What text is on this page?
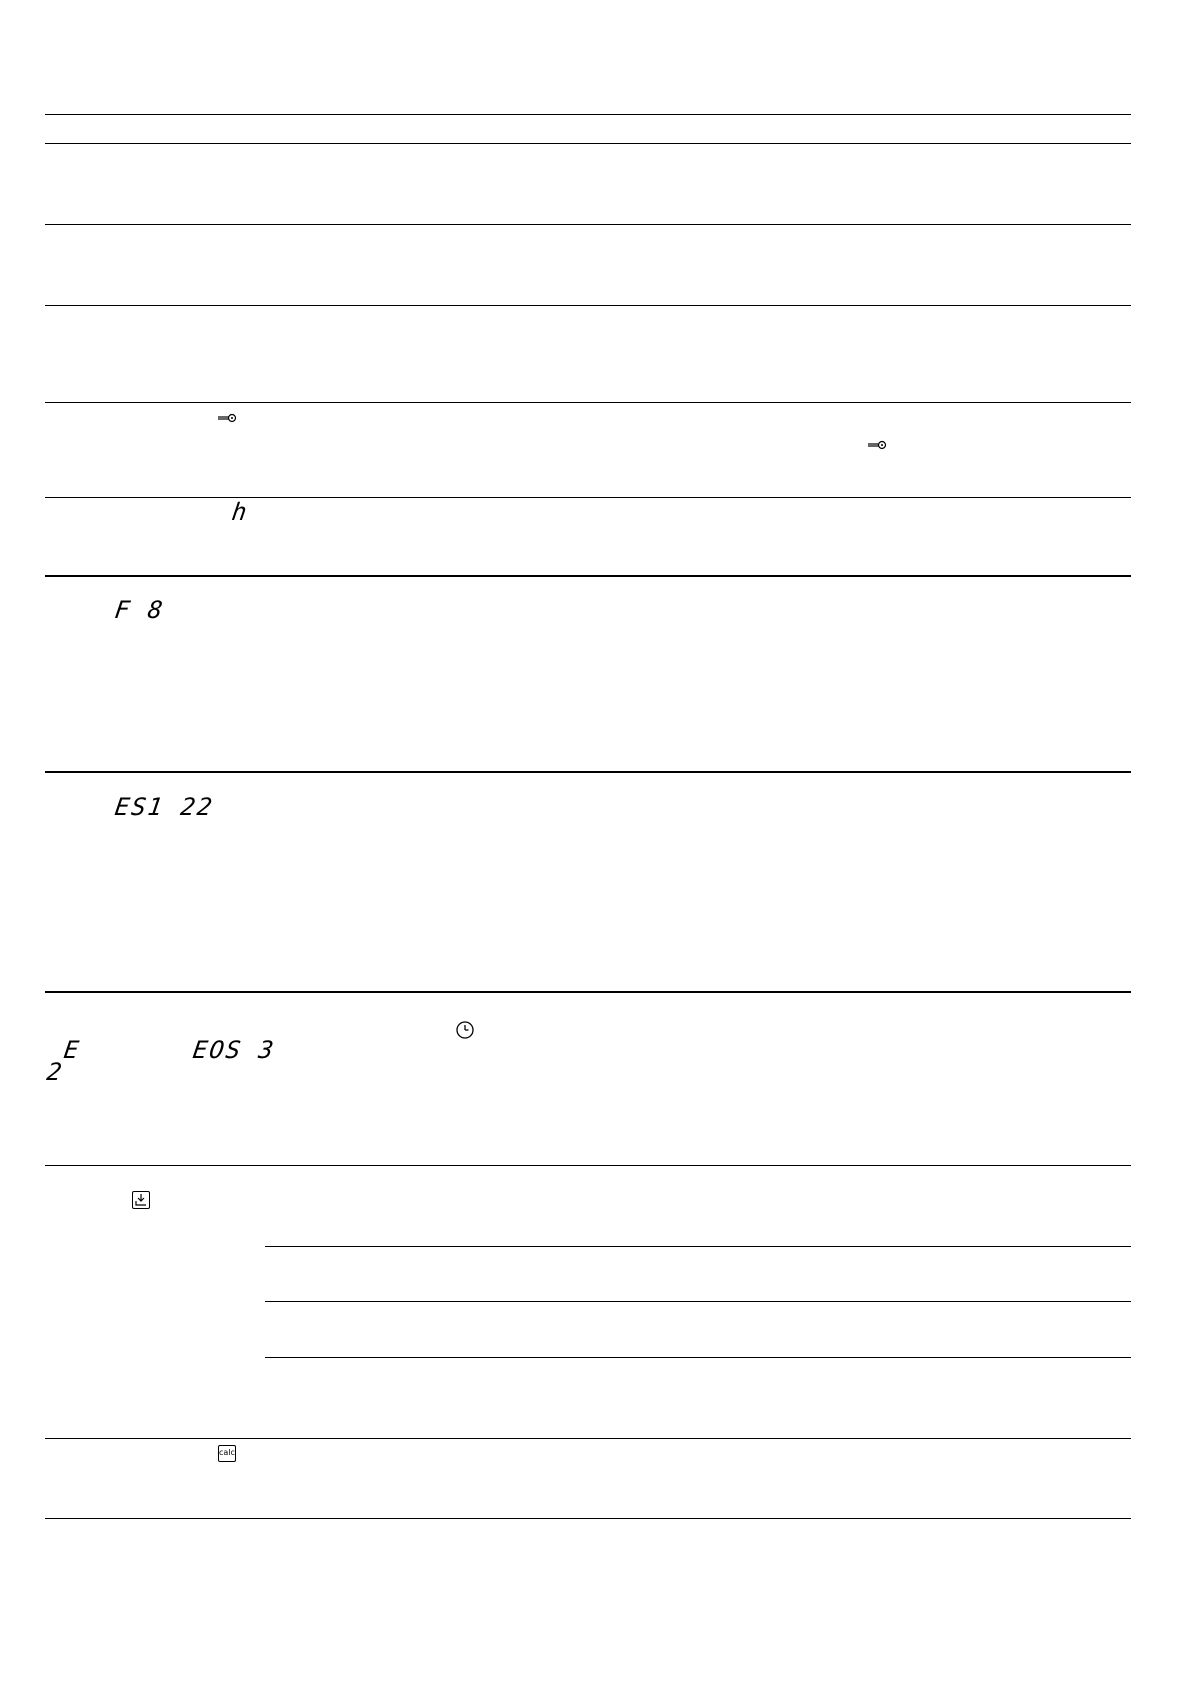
h
F 8
ES1 22
E
2
EOS 3
calc
